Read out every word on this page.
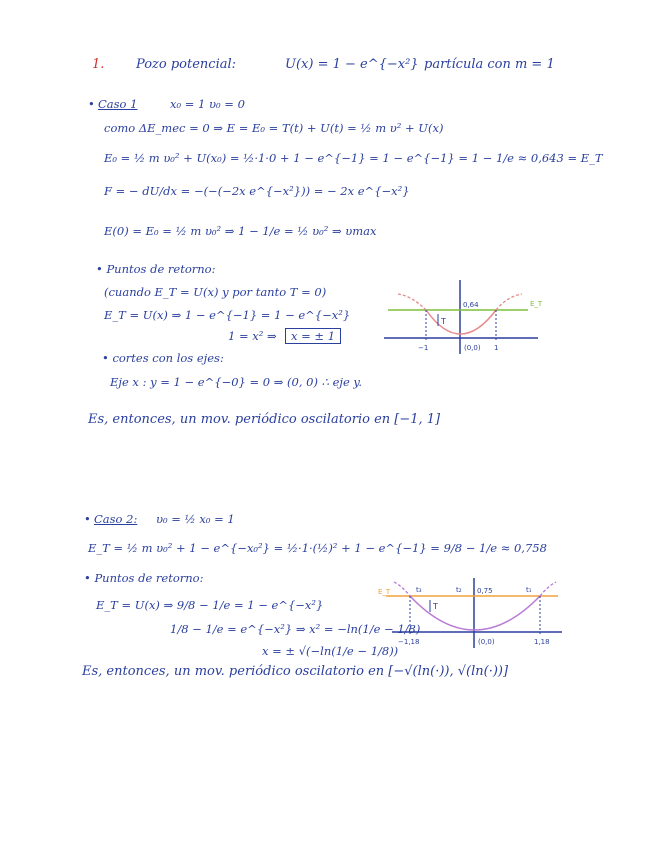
1. Pozo potencial:	U(x) = 1 − e^{−x²} partícula con m = 1
• Caso 1	x₀ = 1 υ₀ = 0
como ΔE_mec = 0 ⇒ E = E₀ = T(t) + U(t) = ½ m υ² + U(x)
E₀ = ½ m υ₀² + U(x₀) = ½·1·0 + 1 − e^{−1} = 1 − e^{−1} = 1 − 1/e ≈ 0,643 = E_T
F = − dU/dx = −(−(−2x e^{−x²})) = − 2x e^{−x²}
E(0) = E₀ = ½ m υ₀² ⇒ 1 − 1/e = ½ υ₀² ⇒ υmax
• Puntos de retorno:
(cuando E_T = U(x) y por tanto T = 0)
E_T = U(x) ⇒ 1 − e^{−1} = 1 − e^{−x²}
1 = x² ⇒	x = ± 1
• cortes con los ejes:
Eje x : y = 1 − e^{−0} = 0 ⇒ (0, 0) ∴ eje y.
Es, entonces, un mov. periódico oscilatorio en [−1, 1]
T
0,64	E_T
−1	1
(0,0)
• Caso 2: υ₀ = ½ x₀ = 1
E_T = ½ m υ₀² + 1 − e^{−x₀²} = ½·1·(½)² + 1 − e^{−1} = 9/8 − 1/e ≈ 0,758
• Puntos de retorno:
E_T = U(x) ⇒ 9/8 − 1/e = 1 − e^{−x²}
1/8 − 1/e = e^{−x²} ⇒ x² = −ln(1/e − 1/8)
x = ± √(−ln(1/e − 1/8))
Es, entonces, un mov. periódico oscilatorio en [−√(ln(·)), √(ln(·))]
T
E_T	0,75
t₃	t₂	t₁
−1,18	1,18
(0,0)
